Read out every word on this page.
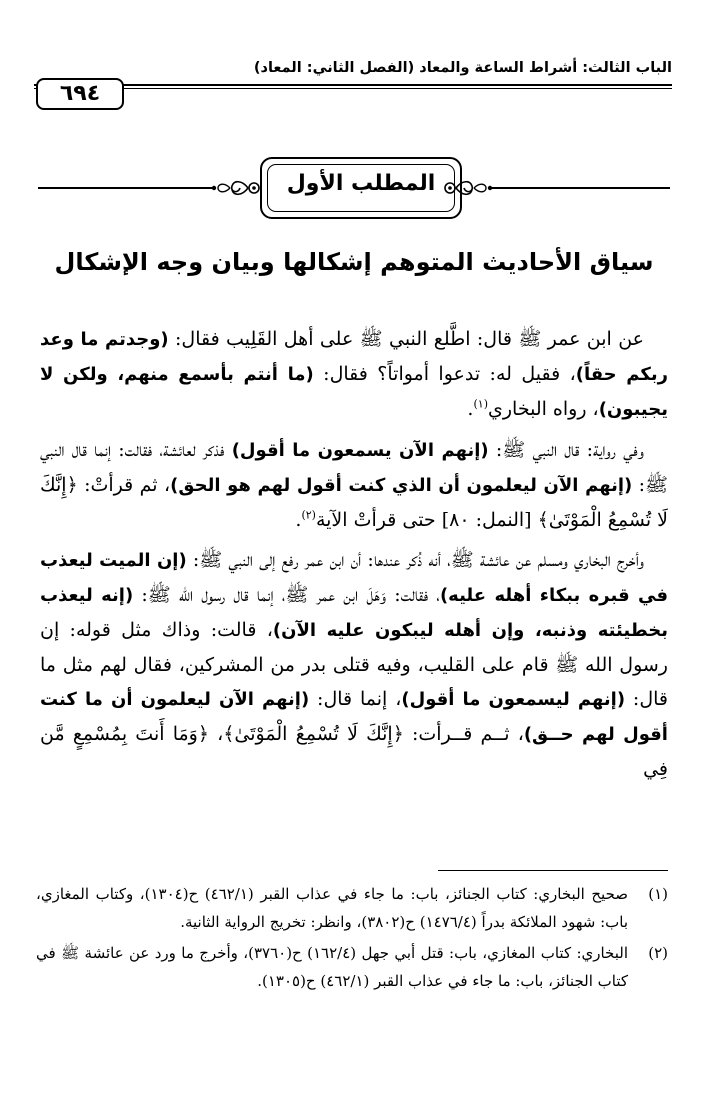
الباب الثالث: أشراط الساعة والمعاد (الفصل الثاني: المعاد)
٦٩٤
المطلب الأول
سياق الأحاديث المتوهم إشكالها وبيان وجه الإشكال

عن ابن عمر ﷺ قال: اطَّلع النبي ﷺ على أهل القَلِيب فقال: (وجدتم ما وعد ربكم حقاً)، فقيل له: تدعوا أمواتاً؟ فقال: (ما أنتم بأسمع منهم، ولكن لا يجيبون)، رواه البخاري$^{(١)}$.

وفي رواية: قال النبي ﷺ: (إنهم الآن يسمعون ما أقول) فذكر لعائشة، فقالت: إنما قال النبي ﷺ: (إنهم الآن ليعلمون أن الذي كنت أقول لهم هو الحق)، ثم قرأتْ: ﴿إِنَّكَ لَا تُسْمِعُ الْمَوْتَىٰ﴾ [النمل: ٨٠] حتى قرأتْ الآية$^{(٢)}$.

وأخرج البخاري ومسلم عن عائشة ﷺ، أنه ذُكر عندها: أن ابن عمر رفع إلى النبي ﷺ: (إن الميت ليعذب في قبره ببكاء أهله عليه)، فقالت: وَهَلَ ابن عمر ﷺ، إنما قال رسول الله ﷺ: (إنه ليعذب بخطيئته وذنبه، وإن أهله ليبكون عليه الآن)، قالت: وذاك مثل قوله: إن رسول الله ﷺ قام على القليب، وفيه قتلى بدر من المشركين، فقال لهم مثل ما قال: (إنهم ليسمعون ما أقول)، إنما قال: (إنهم الآن ليعلمون أن ما كنت أقول لهم حــق)، ثــم قــرأت: ﴿إِنَّكَ لَا تُسْمِعُ الْمَوْتَىٰ﴾، ﴿وَمَا أَنتَ بِمُسْمِعٍ مَّن فِي

(١)
صحيح البخاري: كتاب الجنائز، باب: ما جاء في عذاب القبر (٤٦٢/١) ح(١٣٠٤)، وكتاب المغازي، باب: شهود الملائكة بدراً (١٤٧٦/٤) ح(٣٨٠٢)، وانظر: تخريج الرواية الثانية.
(٢)
البخاري: كتاب المغازي، باب: قتل أبي جهل (١٦٢/٤) ح(٣٧٦٠)، وأخرج ما ورد عن عائشة ﷺ في كتاب الجنائز، باب: ما جاء في عذاب القبر (٤٦٢/١) ح(١٣٠٥).
